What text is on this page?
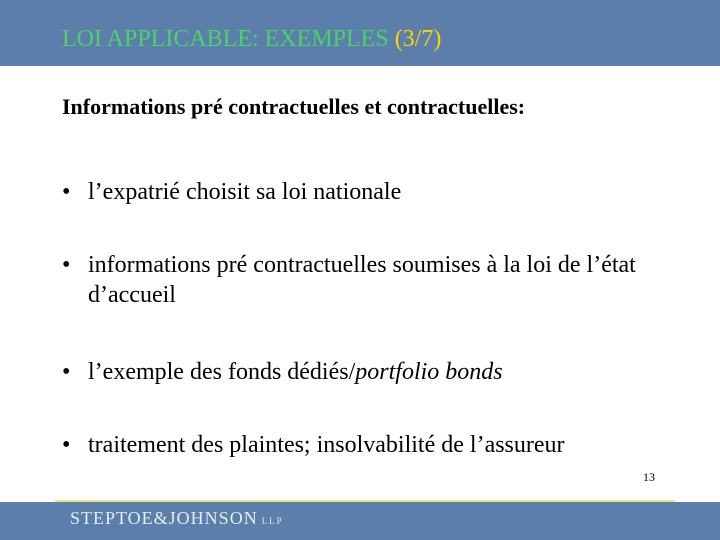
LOI APPLICABLE: EXEMPLES (3/7)
Informations pré contractuelles et contractuelles:
• l’expatrié choisit sa loi nationale
• informations pré contractuelles soumises à la loi de l’état d’accueil
• l’exemple des fonds dédiés/portfolio bonds
• traitement des plaintes; insolvabilité de l’assureur
13
STEPTOE&JOHNSON LLP
